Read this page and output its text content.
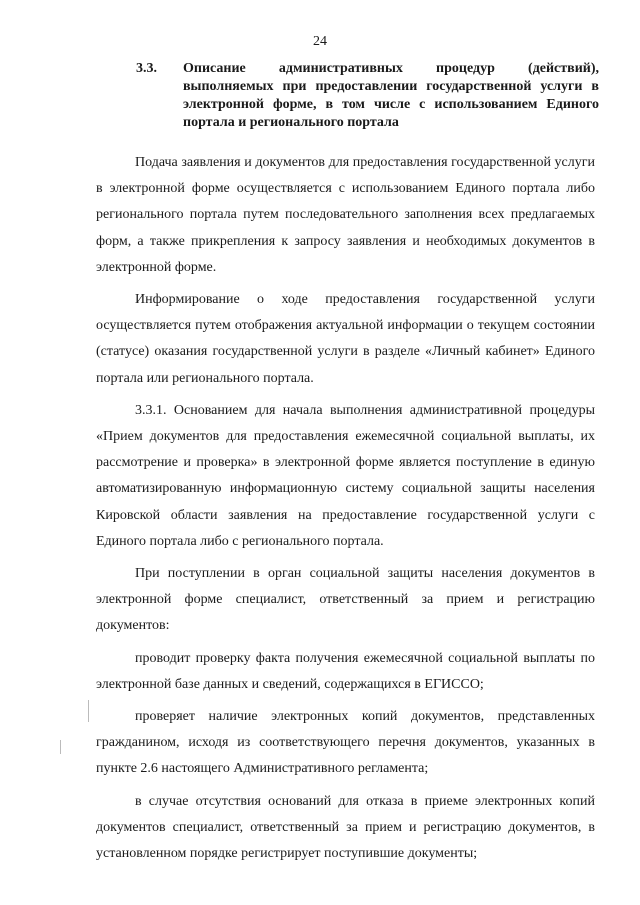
24
3.3. Описание административных процедур (действий), выполняемых при предоставлении государственной услуги в электронной форме, в том числе с использованием Единого портала и регионального портала

Подача заявления и документов для предоставления государственной услуги в электронной форме осуществляется с использованием Единого портала либо регионального портала путем последовательного заполнения всех предлагаемых форм, а также прикрепления к запросу заявления и необходимых документов в электронной форме.

Информирование о ходе предоставления государственной услуги осуществляется путем отображения актуальной информации о текущем состоянии (статусе) оказания государственной услуги в разделе «Личный кабинет» Единого портала или регионального портала.

3.3.1. Основанием для начала выполнения административной процедуры «Прием документов для предоставления ежемесячной социальной выплаты, их рассмотрение и проверка» в электронной форме является поступление в единую автоматизированную информационную систему социальной защиты населения Кировской области заявления на предоставление государственной услуги с Единого портала либо с регионального портала.

При поступлении в орган социальной защиты населения документов в электронной форме специалист, ответственный за прием и регистрацию документов:

проводит проверку факта получения ежемесячной социальной выплаты по электронной базе данных и сведений, содержащихся в ЕГИССО;

проверяет наличие электронных копий документов, представленных гражданином, исходя из соответствующего перечня документов, указанных в пункте 2.6 настоящего Административного регламента;

в случае отсутствия оснований для отказа в приеме электронных копий документов специалист, ответственный за прием и регистрацию документов, в установленном порядке регистрирует поступившие документы;
